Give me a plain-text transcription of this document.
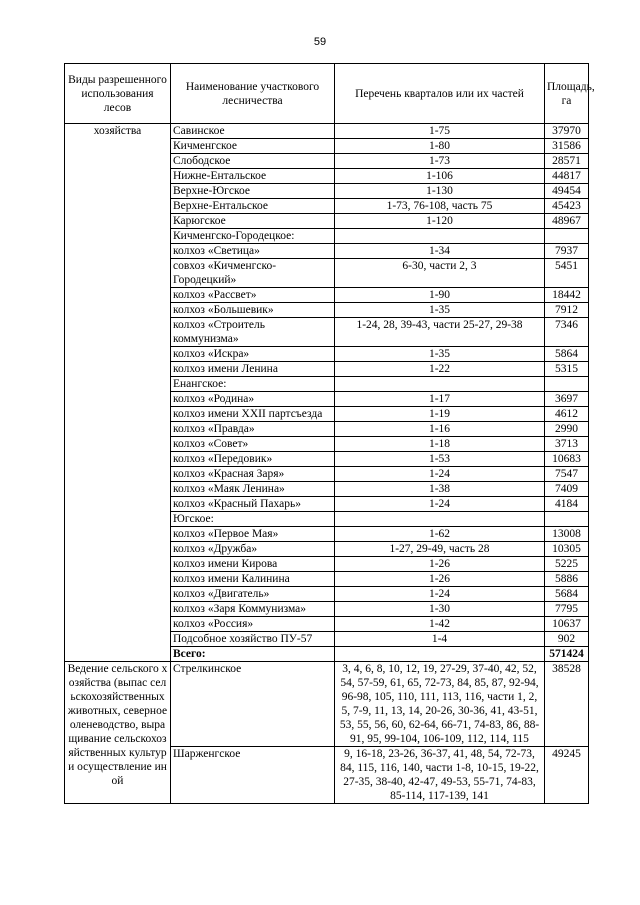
59
Виды разрешенного использования лесов	Наименование участкового лесничества	Перечень кварталов или их частей	Площадь, га
хозяйства	Савинское	1-75	37970
	Кичменгское	1-80	31586
	Слободское	1-73	28571
	Нижне-Ентальское	1-106	44817
	Верхне-Югское	1-130	49454
	Верхне-Ентальское	1-73, 76-108, часть 75	45423
	Карюгское	1-120	48967
	Кичменгско-Городецкое:		
	колхоз «Светица»	1-34	7937
	совхоз «Кичменгско-Городецкий»	6-30, части 2, 3	5451
	колхоз «Рассвет»	1-90	18442
	колхоз «Большевик»	1-35	7912
	колхоз «Строитель коммунизма»	1-24, 28, 39-43, части 25-27, 29-38	7346
	колхоз «Искра»	1-35	5864
	колхоз имени Ленина	1-22	5315
	Енангское:		
	колхоз «Родина»	1-17	3697
	колхоз имени XXII партсъезда	1-19	4612
	колхоз «Правда»	1-16	2990
	колхоз «Совет»	1-18	3713
	колхоз «Передовик»	1-53	10683
	колхоз «Красная Заря»	1-24	7547
	колхоз «Маяк Ленина»	1-38	7409
	колхоз «Красный Пахарь»	1-24	4184
	Югское:		
	колхоз «Первое Мая»	1-62	13008
	колхоз «Дружба»	1-27, 29-49, часть 28	10305
	колхоз имени Кирова	1-26	5225
	колхоз имени Калинина	1-26	5886
	колхоз «Двигатель»	1-24	5684
	колхоз «Заря Коммунизма»	1-30	7795
	колхоз «Россия»	1-42	10637
	Подсобное хозяйство ПУ-57	1-4	902
	Всего:		571424
Ведение сельского хозяйства (выпас сельскохозяйственных животных, северное оленеводство, выращивание сельскохозяйственных культур и осуществление иной	Стрелкинское	3, 4, 6, 8, 10, 12, 19, 27-29, 37-40, 42, 52, 54, 57-59, 61, 65, 72-73, 84, 85, 87, 92-94, 96-98, 105, 110, 111, 113, 116, части 1, 2, 5, 7-9, 11, 13, 14, 20-26, 30-36, 41, 43-51, 53, 55, 56, 60, 62-64, 66-71, 74-83, 86, 88-91, 95, 99-104, 106-109, 112, 114, 115	38528
	Шарженгское	9, 16-18, 23-26, 36-37, 41, 48, 54, 72-73, 84, 115, 116, 140, части 1-8, 10-15, 19-22, 27-35, 38-40, 42-47, 49-53, 55-71, 74-83, 85-114, 117-139, 141	49245
